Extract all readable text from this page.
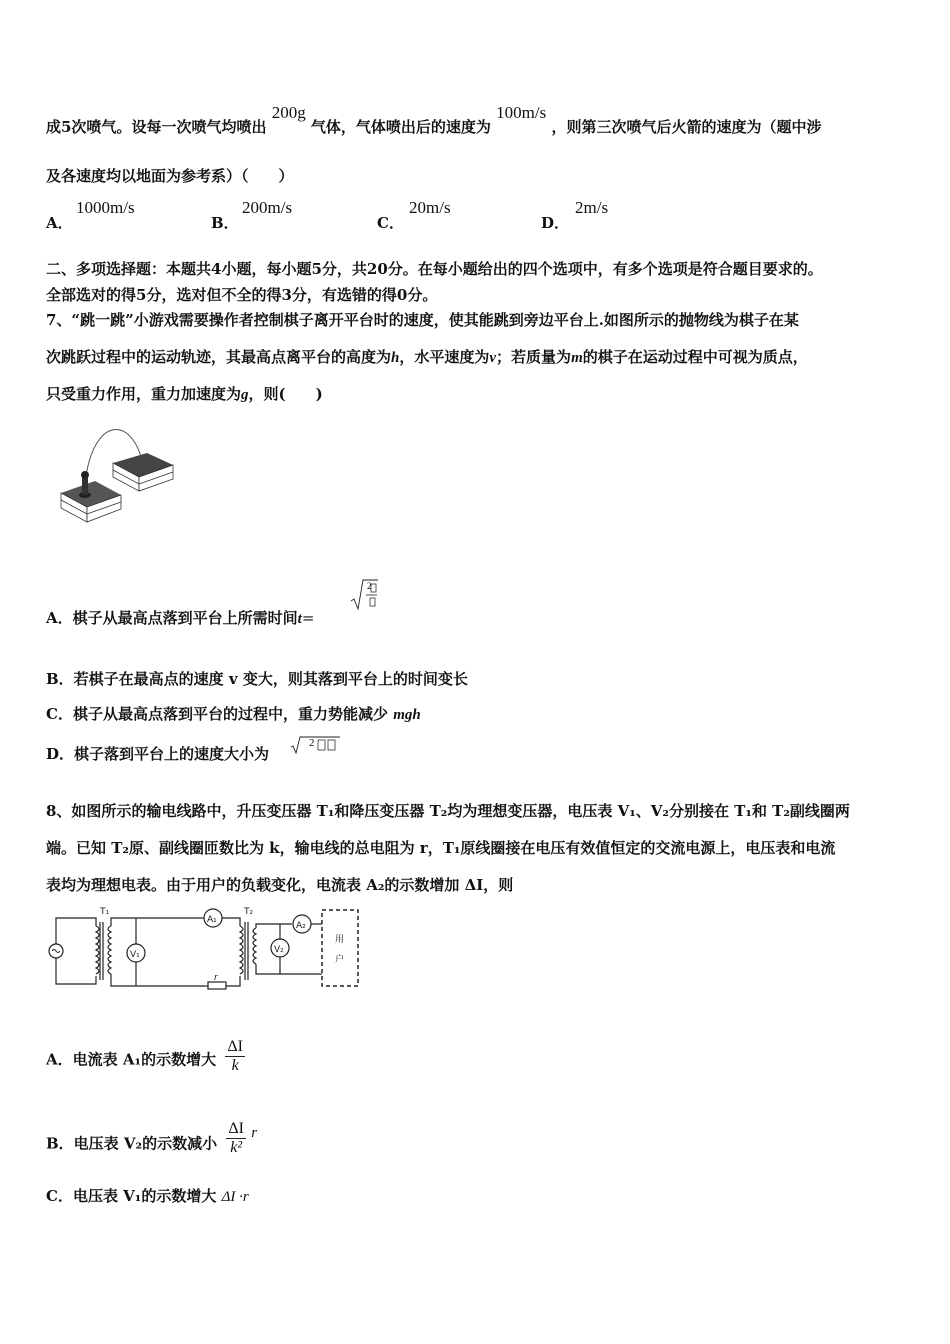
成5次喷气。设每一次喷气均喷出 200g 气体，气体喷出后的速度为 100m/s ，则第三次喷气后火箭的速度为（题中涉
及各速度均以地面为参考系）（　　）
A．
1000m/s
B．
200m/s
C．
20m/s
D．
2m/s
二、多项选择题：本题共4小题，每小题5分，共20分。在每小题给出的四个选项中，有多个选项是符合题目要求的。
全部选对的得5分，选对但不全的得3分，有选错的得0分。
7、“跳一跳”小游戏需要操作者控制棋子离开平台时的速度，使其能跳到旁边平台上.如图所示的抛物线为棋子在某
次跳跃过程中的运动轨迹，其最高点离平台的高度为h，水平速度为v；若质量为m的棋子在运动过程中可视为质点，
只受重力作用，重力加速度为g，则(　　)
A．棋子从最高点落到平台上所需时间t=
2
B．若棋子在最高点的速度 v 变大，则其落到平台上的时间变长
C．棋子从最高点落到平台的过程中，重力势能减少 mgh
D．棋子落到平台上的速度大小为
2
8、如图所示的输电线路中，升压变压器 T₁和降压变压器 T₂均为理想变压器，电压表 V₁、V₂分别接在 T₁和 T₂副线圈两
端。已知 T₂原、副线圈匝数比为 k，输电线的总电阻为 r，T₁原线圈接在电压有效值恒定的交流电源上，电压表和电流
表均为理想电表。由于用户的负载变化，电流表 A₂的示数增加 ΔI，则
T₁	T₂
A₁
A₂
V₁	V₂
r
用
户
A．电流表 A₁的示数增大 $\frac{\Delta I}{k}$
B．电压表 V₂的示数减小 $\frac{\Delta I}{\text{k²}}$ r
C．电压表 V₁的示数增大 ΔI ·r
